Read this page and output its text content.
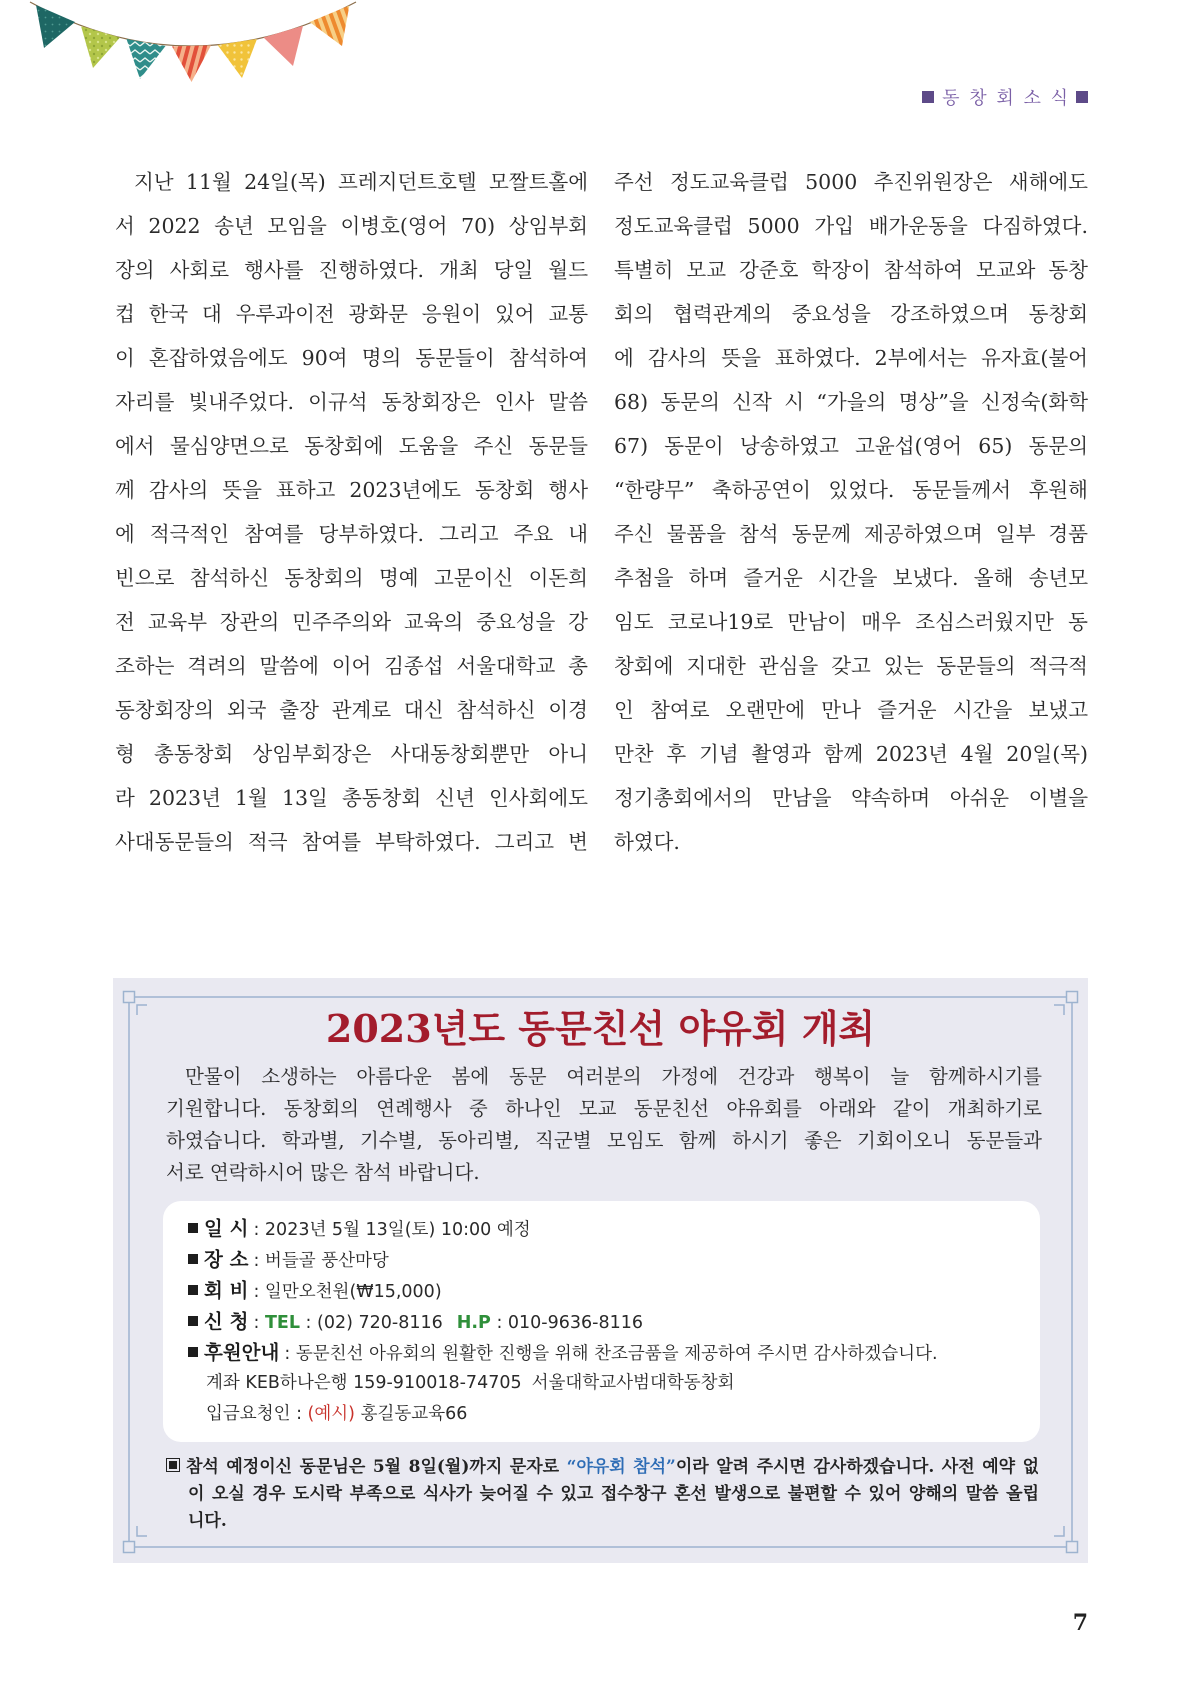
동 창 회 소 식
지난 11월 24일(목) 프레지던트호텔 모짤트홀에
서 2022 송년 모임을 이병호(영어 70) 상임부회
장의 사회로 행사를 진행하였다. 개최 당일 월드
컵 한국 대 우루과이전 광화문 응원이 있어 교통
이 혼잡하였음에도 90여 명의 동문들이 참석하여
자리를 빛내주었다. 이규석 동창회장은 인사 말씀
에서 물심양면으로 동창회에 도움을 주신 동문들
께 감사의 뜻을 표하고 2023년에도 동창회 행사
에 적극적인 참여를 당부하였다. 그리고 주요 내
빈으로 참석하신 동창회의 명예 고문이신 이돈희
전 교육부 장관의 민주주의와 교육의 중요성을 강
조하는 격려의 말씀에 이어 김종섭 서울대학교 총
동창회장의 외국 출장 관계로 대신 참석하신 이경
형 총동창회 상임부회장은 사대동창회뿐만 아니
라 2023년 1월 13일 총동창회 신년 인사회에도
사대동문들의 적극 참여를 부탁하였다. 그리고 변
주선 정도교육클럽 5000 추진위원장은 새해에도
정도교육클럽 5000 가입 배가운동을 다짐하였다.
특별히 모교 강준호 학장이 참석하여 모교와 동창
회의 협력관계의 중요성을 강조하였으며 동창회
에 감사의 뜻을 표하였다. 2부에서는 유자효(불어
68) 동문의 신작 시 “가을의 명상”을 신정숙(화학
67) 동문이 낭송하였고 고윤섭(영어 65) 동문의
“한량무” 축하공연이 있었다. 동문들께서 후원해
주신 물품을 참석 동문께 제공하였으며 일부 경품
추첨을 하며 즐거운 시간을 보냈다. 올해 송년모
임도 코로나19로 만남이 매우 조심스러웠지만 동
창회에 지대한 관심을 갖고 있는 동문들의 적극적
인 참여로 오랜만에 만나 즐거운 시간을 보냈고
만찬 후 기념 촬영과 함께 2023년 4월 20일(목)
정기총회에서의 만남을 약속하며 아쉬운 이별을
하였다.
2023년도 동문친선 야유회 개최
만물이 소생하는 아름다운 봄에 동문 여러분의 가정에 건강과 행복이 늘 함께하시기를
기원합니다. 동창회의 연례행사 중 하나인 모교 동문친선 야유회를 아래와 같이 개최하기로
하였습니다. 학과별, 기수별, 동아리별, 직군별 모임도 함께 하시기 좋은 기회이오니 동문들과
서로 연락하시어 많은 참석 바랍니다.
일 시 : 2023년 5월 13일(토) 10:00 예정
장 소 : 버들골 풍산마당
회 비 : 일만오천원(₩15,000)
신 청 : TEL : (02) 720-8116 H.P : 010-9636-8116
후원안내 : 동문친선 아유회의 원활한 진행을 위해 찬조금품을 제공하여 주시면 감사하겠습니다.
계좌 KEB하나은행 159-910018-74705 서울대학교사범대학동창회
입금요청인 : (예시) 홍길동교육66
참석 예정이신 동문님은 5월 8일(월)까지 문자로 “야유회 참석”이라 알려 주시면 감사하겠습니다. 사전 예약 없
이 오실 경우 도시락 부족으로 식사가 늦어질 수 있고 접수창구 혼선 발생으로 불편할 수 있어 양해의 말씀 올립
니다.
7
